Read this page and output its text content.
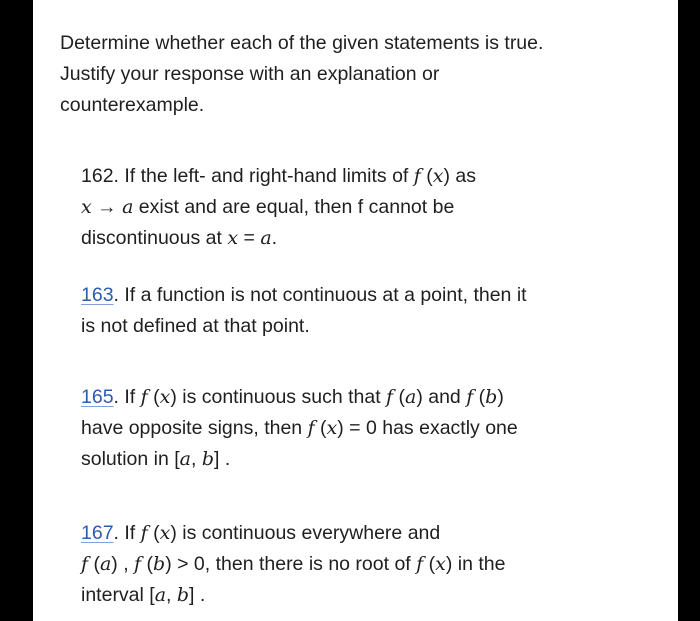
Determine whether each of the given statements is true.
Justify your response with an explanation or
counterexample.
162. If the left- and right-hand limits of f (x) as
x → a exist and are equal, then f cannot be
discontinuous at x = a.
163. If a function is not continuous at a point, then it
is not defined at that point.
165. If f (x) is continuous such that f (a) and f (b)
have opposite signs, then f (x) = 0 has exactly one
solution in [a, b] .
167. If f (x) is continuous everywhere and
f (a) , f (b) > 0, then there is no root of f (x) in the
interval [a, b] .
